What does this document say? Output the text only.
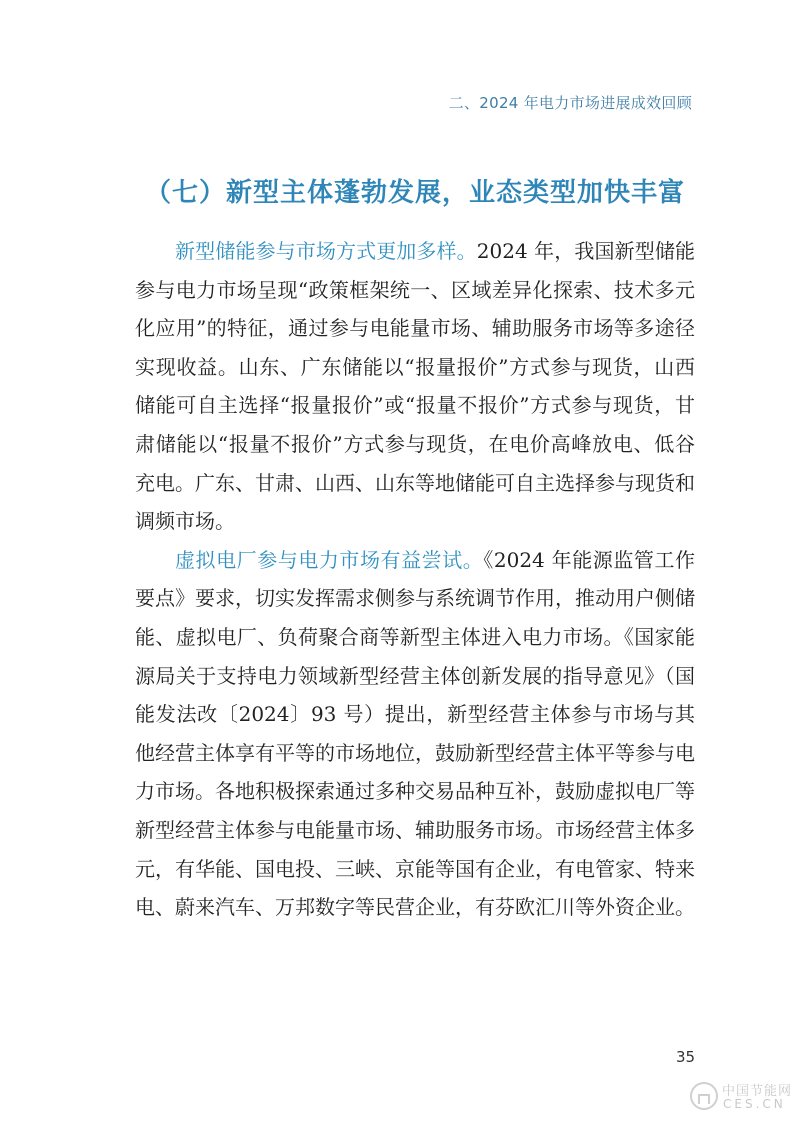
二、2024 年电力市场进展成效回顾
（七）新型主体蓬勃发展，业态类型加快丰富

新型储能参与市场方式更加多样。2024 年，我国新型储能参与电力市场呈现“政策框架统一、区域差异化探索、技术多元化应用”的特征，通过参与电能量市场、辅助服务市场等多途径实现收益。山东、广东储能以“报量报价”方式参与现货，山西储能可自主选择“报量报价”或“报量不报价”方式参与现货，甘肃储能以“报量不报价”方式参与现货，在电价高峰放电、低谷充电。广东、甘肃、山西、山东等地储能可自主选择参与现货和调频市场。

虚拟电厂参与电力市场有益尝试。《2024 年能源监管工作要点》要求，切实发挥需求侧参与系统调节作用，推动用户侧储能、虚拟电厂、负荷聚合商等新型主体进入电力市场。《国家能源局关于支持电力领域新型经营主体创新发展的指导意见》（国能发法改〔2024〕93 号）提出，新型经营主体参与市场与其他经营主体享有平等的市场地位，鼓励新型经营主体平等参与电力市场。各地积极探索通过多种交易品种互补，鼓励虚拟电厂等新型经营主体参与电能量市场、辅助服务市场。市场经营主体多元，有华能、国电投、三峡、京能等国有企业，有电管家、特来电、蔚来汽车、万邦数字等民营企业，有芬欧汇川等外资企业。

35
中国节能网
CES.CN
